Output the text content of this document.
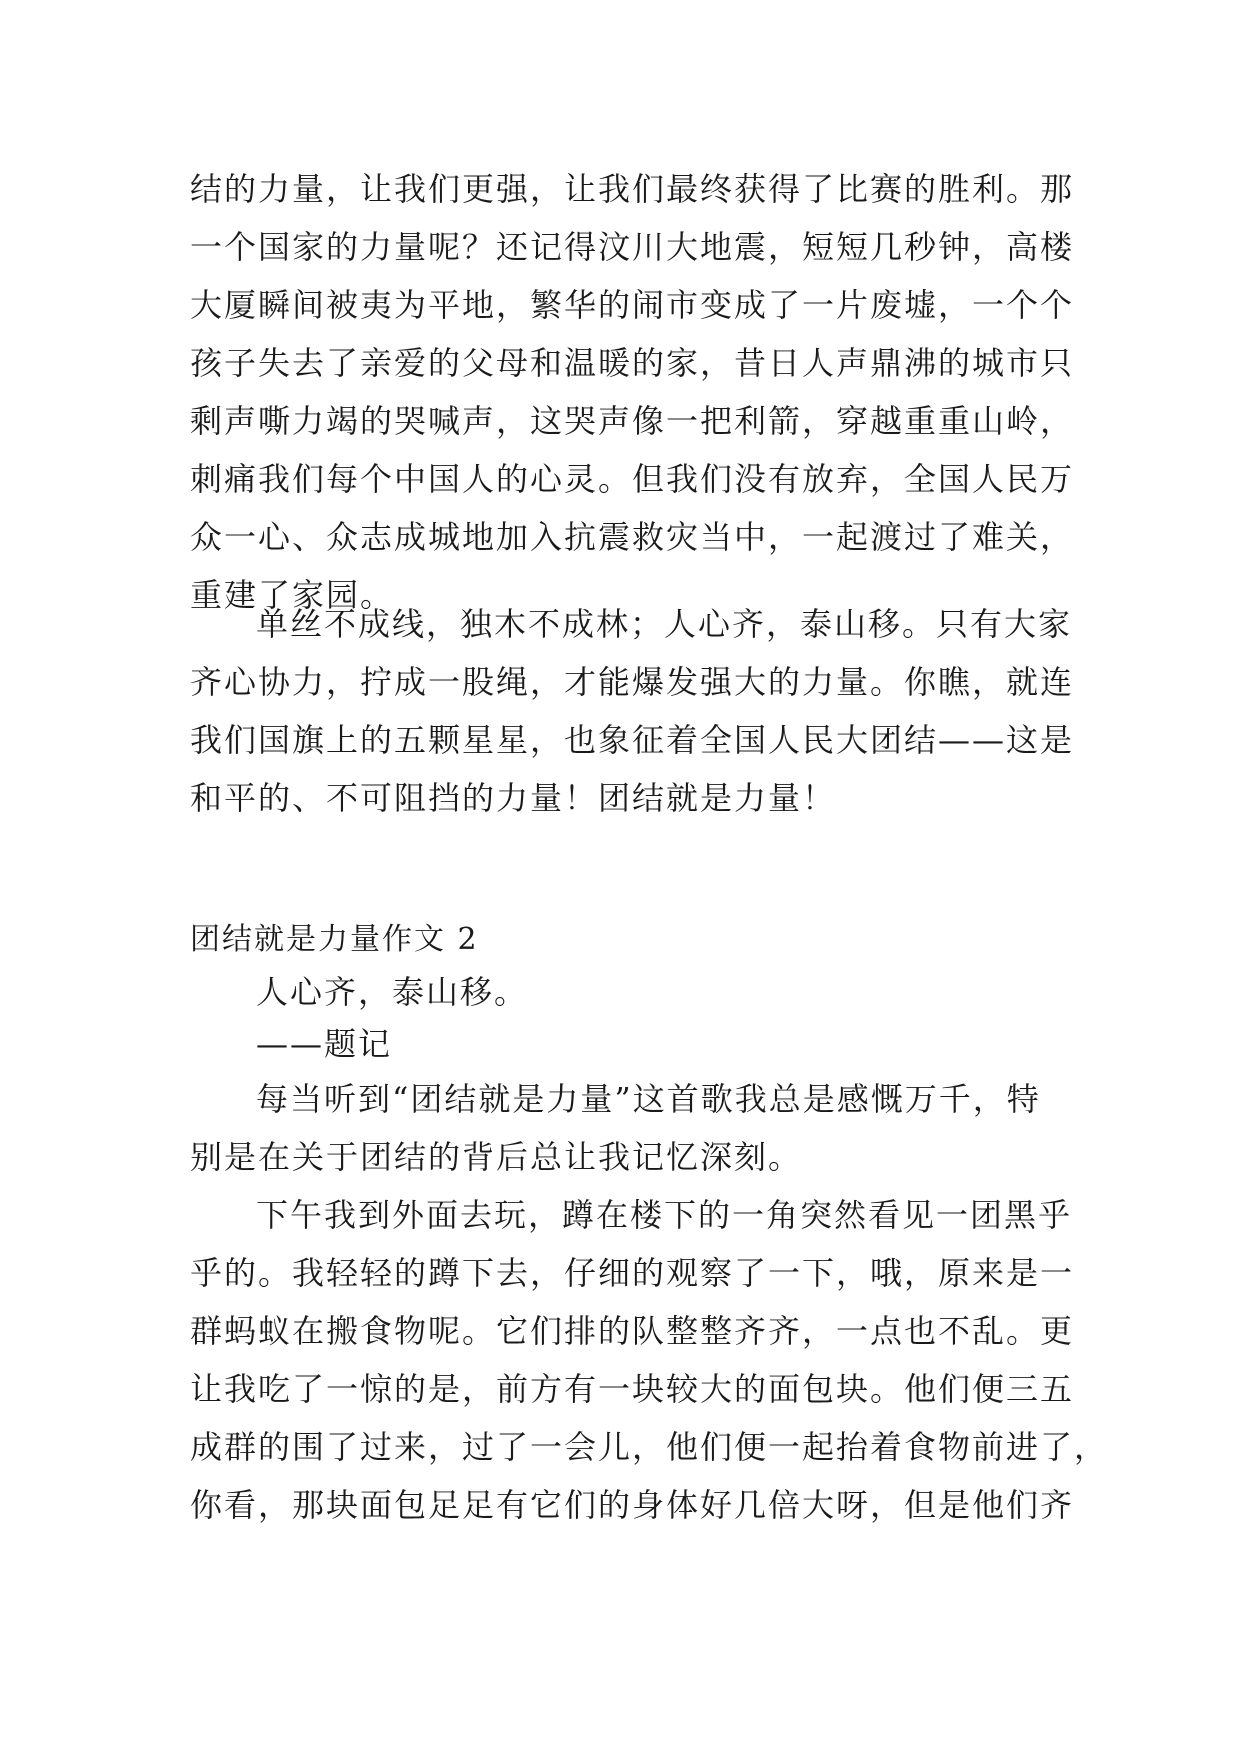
结的力量，让我们更强，让我们最终获得了比赛的胜利。那
一个国家的力量呢？还记得汶川大地震，短短几秒钟，高楼
大厦瞬间被夷为平地，繁华的闹市变成了一片废墟，一个个
孩子失去了亲爱的父母和温暖的家，昔日人声鼎沸的城市只
剩声嘶力竭的哭喊声，这哭声像一把利箭，穿越重重山岭，
刺痛我们每个中国人的心灵。但我们没有放弃，全国人民万
众一心、众志成城地加入抗震救灾当中，一起渡过了难关，
重建了家园。
单丝不成线，独木不成林；人心齐，泰山移。只有大家
齐心协力，拧成一股绳，才能爆发强大的力量。你瞧，就连
我们国旗上的五颗星星，也象征着全国人民大团结——这是
和平的、不可阻挡的力量！团结就是力量！
团结就是力量作文 2
人心齐，泰山移。
——题记
每当听到“团结就是力量”这首歌我总是感慨万千，特
别是在关于团结的背后总让我记忆深刻。
下午我到外面去玩，蹲在楼下的一角突然看见一团黑乎
乎的。我轻轻的蹲下去，仔细的观察了一下，哦，原来是一
群蚂蚁在搬食物呢。它们排的队整整齐齐，一点也不乱。更
让我吃了一惊的是，前方有一块较大的面包块。他们便三五
成群的围了过来，过了一会儿，他们便一起抬着食物前进了，
你看，那块面包足足有它们的身体好几倍大呀，但是他们齐
